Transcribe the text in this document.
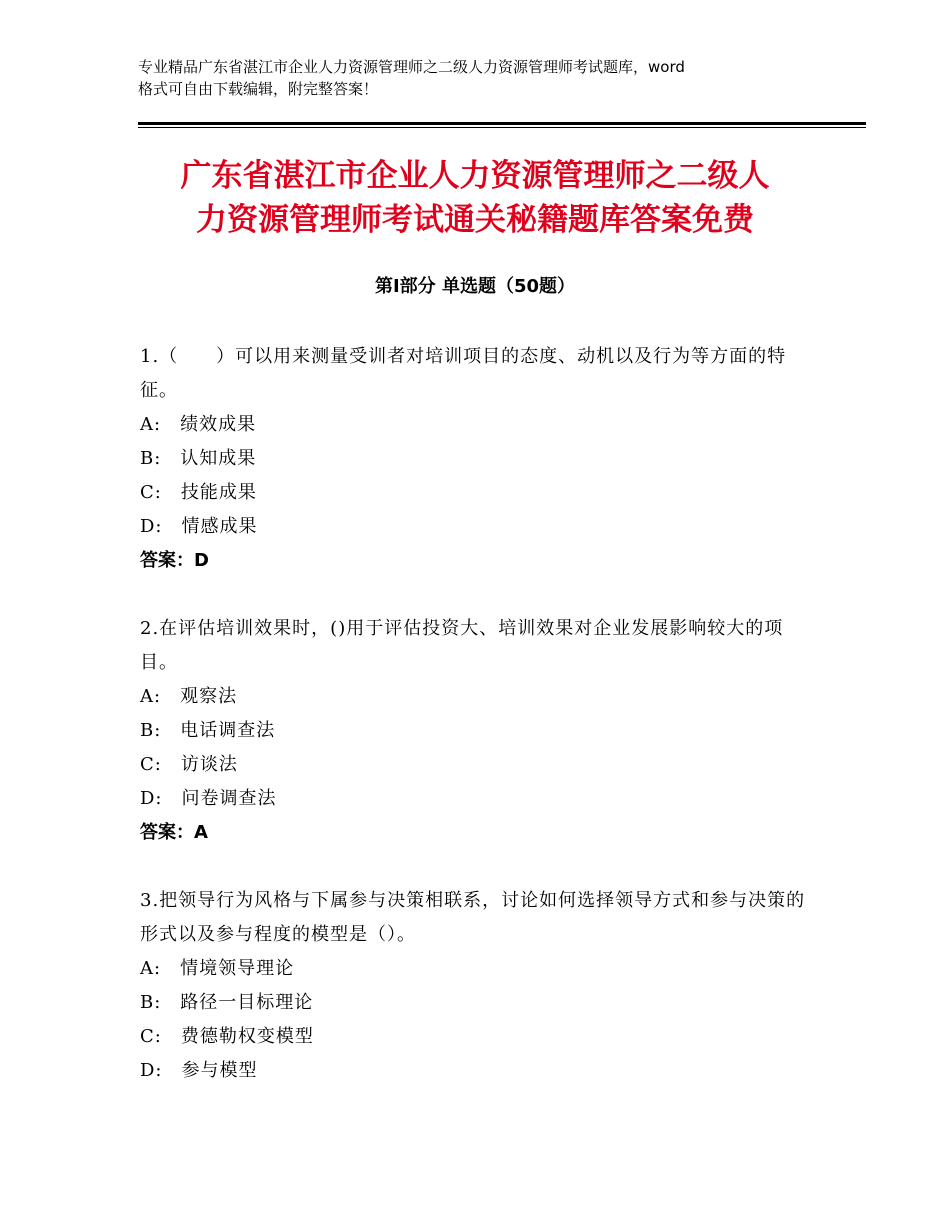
专业精品广东省湛江市企业人力资源管理师之二级人力资源管理师考试题库，word
格式可自由下载编辑，附完整答案！
广东省湛江市企业人力资源管理师之二级人
力资源管理师考试通关秘籍题库答案免费
第Ⅰ部分 单选题（50题）
1.（　　）可以用来测量受训者对培训项目的态度、动机以及行为等方面的特征。
A:　绩效成果
B:　认知成果
C:　技能成果
D:　情感成果
答案：D
2.在评估培训效果时，()用于评估投资大、培训效果对企业发展影响较大的项目。
A:　观察法
B:　电话调查法
C:　访谈法
D:　问卷调查法
答案：A
3.把领导行为风格与下属参与决策相联系，讨论如何选择领导方式和参与决策的形式以及参与程度的模型是（）。
A:　情境领导理论
B:　路径一目标理论
C:　费德勒权变模型
D:　参与模型
